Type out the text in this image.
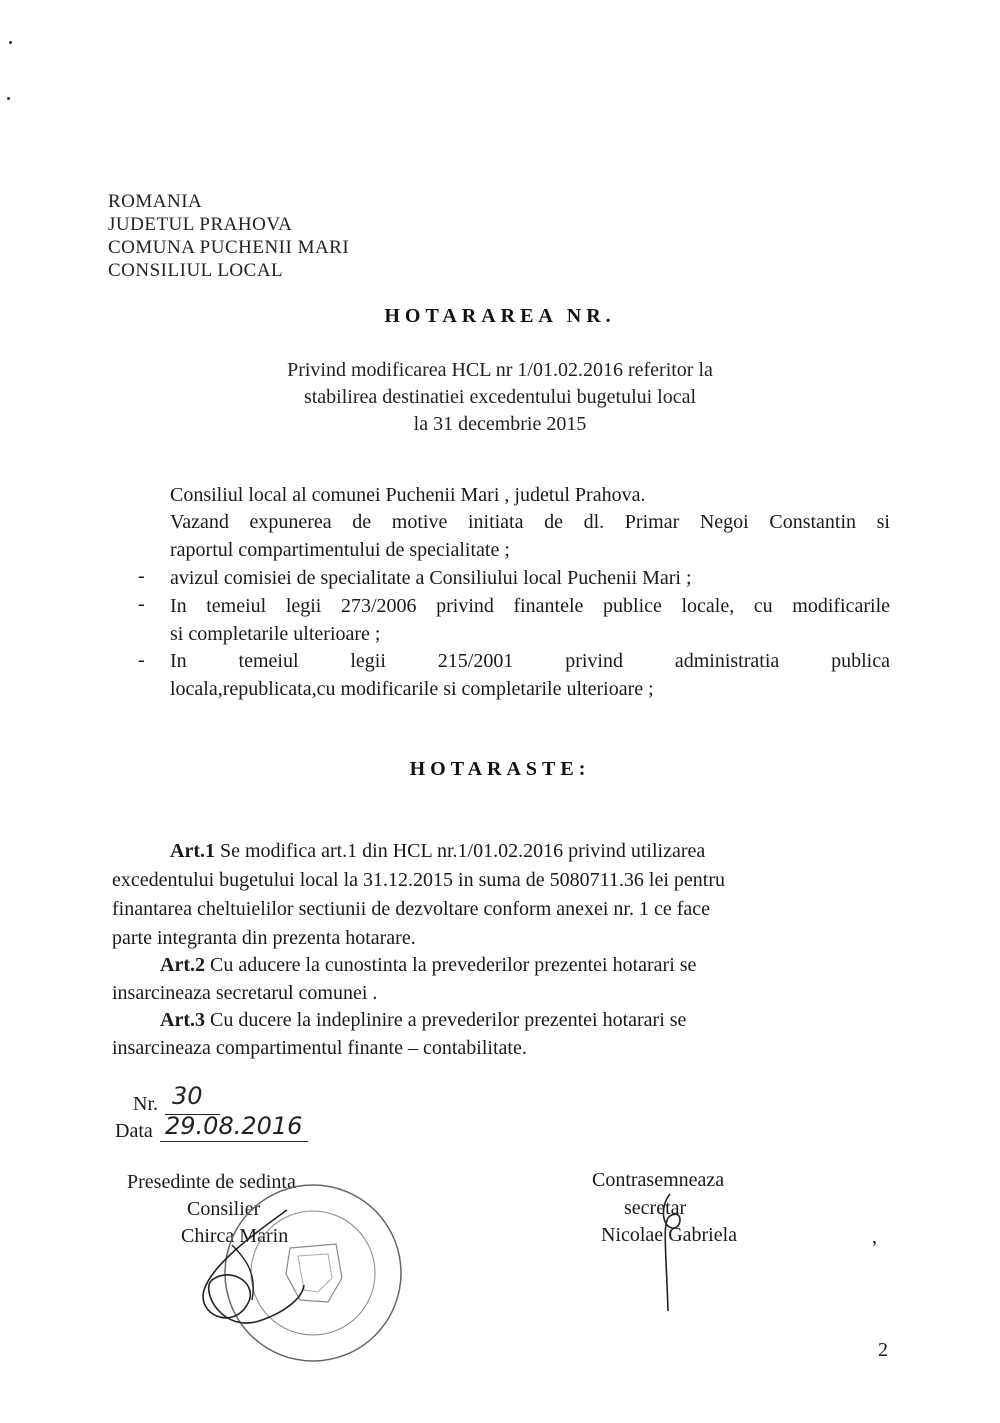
ROMANIA
JUDETUL PRAHOVA
COMUNA PUCHENII MARI
CONSILIUL LOCAL
HOTARAREA NR.
Privind modificarea HCL nr 1/01.02.2016 referitor la
stabilirea destinatiei excedentului bugetului local
la 31 decembrie 2015
Consiliul local al comunei Puchenii Mari , judetul Prahova.
Vazand expunerea de motive initiata de dl. Primar Negoi Constantin si
raportul compartimentului de specialitate ;
- avizul comisiei de specialitate a Consiliului local Puchenii Mari ;
- In temeiul legii 273/2006 privind finantele publice locale, cu modificarile
si completarile ulterioare ;
- In temeiul legii 215/2001 privind administratia publica
locala,republicata,cu modificarile si completarile ulterioare ;
HOTARASTE:
Art.1 Se modifica art.1 din HCL nr.1/01.02.2016 privind utilizarea
excedentului bugetului local la 31.12.2015 in suma de 5080711.36 lei pentru
finantarea cheltuielilor sectiunii de dezvoltare conform anexei nr. 1 ce face
parte integranta din prezenta hotarare.
Art.2 Cu aducere la cunostinta la prevederilor prezentei hotarari se
insarcineaza secretarul comunei .
Art.3 Cu ducere la indeplinire a prevederilor prezentei hotarari se
insarcineaza compartimentul finante – contabilitate.
Nr. 30
Data 29.08.2016
Presedinte de sedinta
Consilier
Chirca Marin
Contrasemneaza
secretar
Nicolae Gabriela	,
2
